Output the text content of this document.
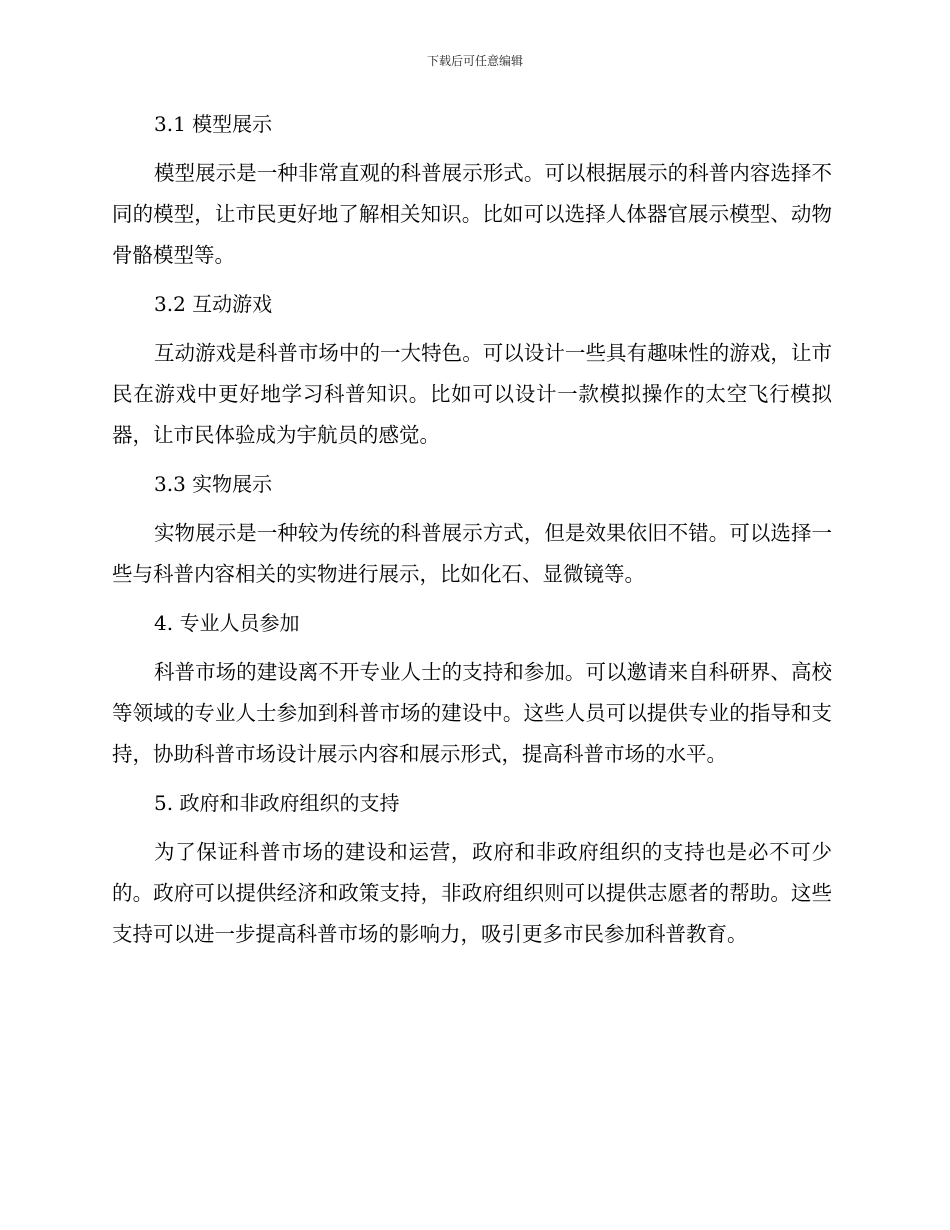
下载后可任意编辑
3.1 模型展示

模型展示是一种非常直观的科普展示形式。可以根据展示的科普内容选择不同的模型，让市民更好地了解相关知识。比如可以选择人体器官展示模型、动物骨骼模型等。

3.2 互动游戏

互动游戏是科普市场中的一大特色。可以设计一些具有趣味性的游戏，让市民在游戏中更好地学习科普知识。比如可以设计一款模拟操作的太空飞行模拟器，让市民体验成为宇航员的感觉。

3.3 实物展示

实物展示是一种较为传统的科普展示方式，但是效果依旧不错。可以选择一些与科普内容相关的实物进行展示，比如化石、显微镜等。

4. 专业人员参加

科普市场的建设离不开专业人士的支持和参加。可以邀请来自科研界、高校等领域的专业人士参加到科普市场的建设中。这些人员可以提供专业的指导和支持，协助科普市场设计展示内容和展示形式，提高科普市场的水平。

5. 政府和非政府组织的支持

为了保证科普市场的建设和运营，政府和非政府组织的支持也是必不可少的。政府可以提供经济和政策支持，非政府组织则可以提供志愿者的帮助。这些支持可以进一步提高科普市场的影响力，吸引更多市民参加科普教育。
